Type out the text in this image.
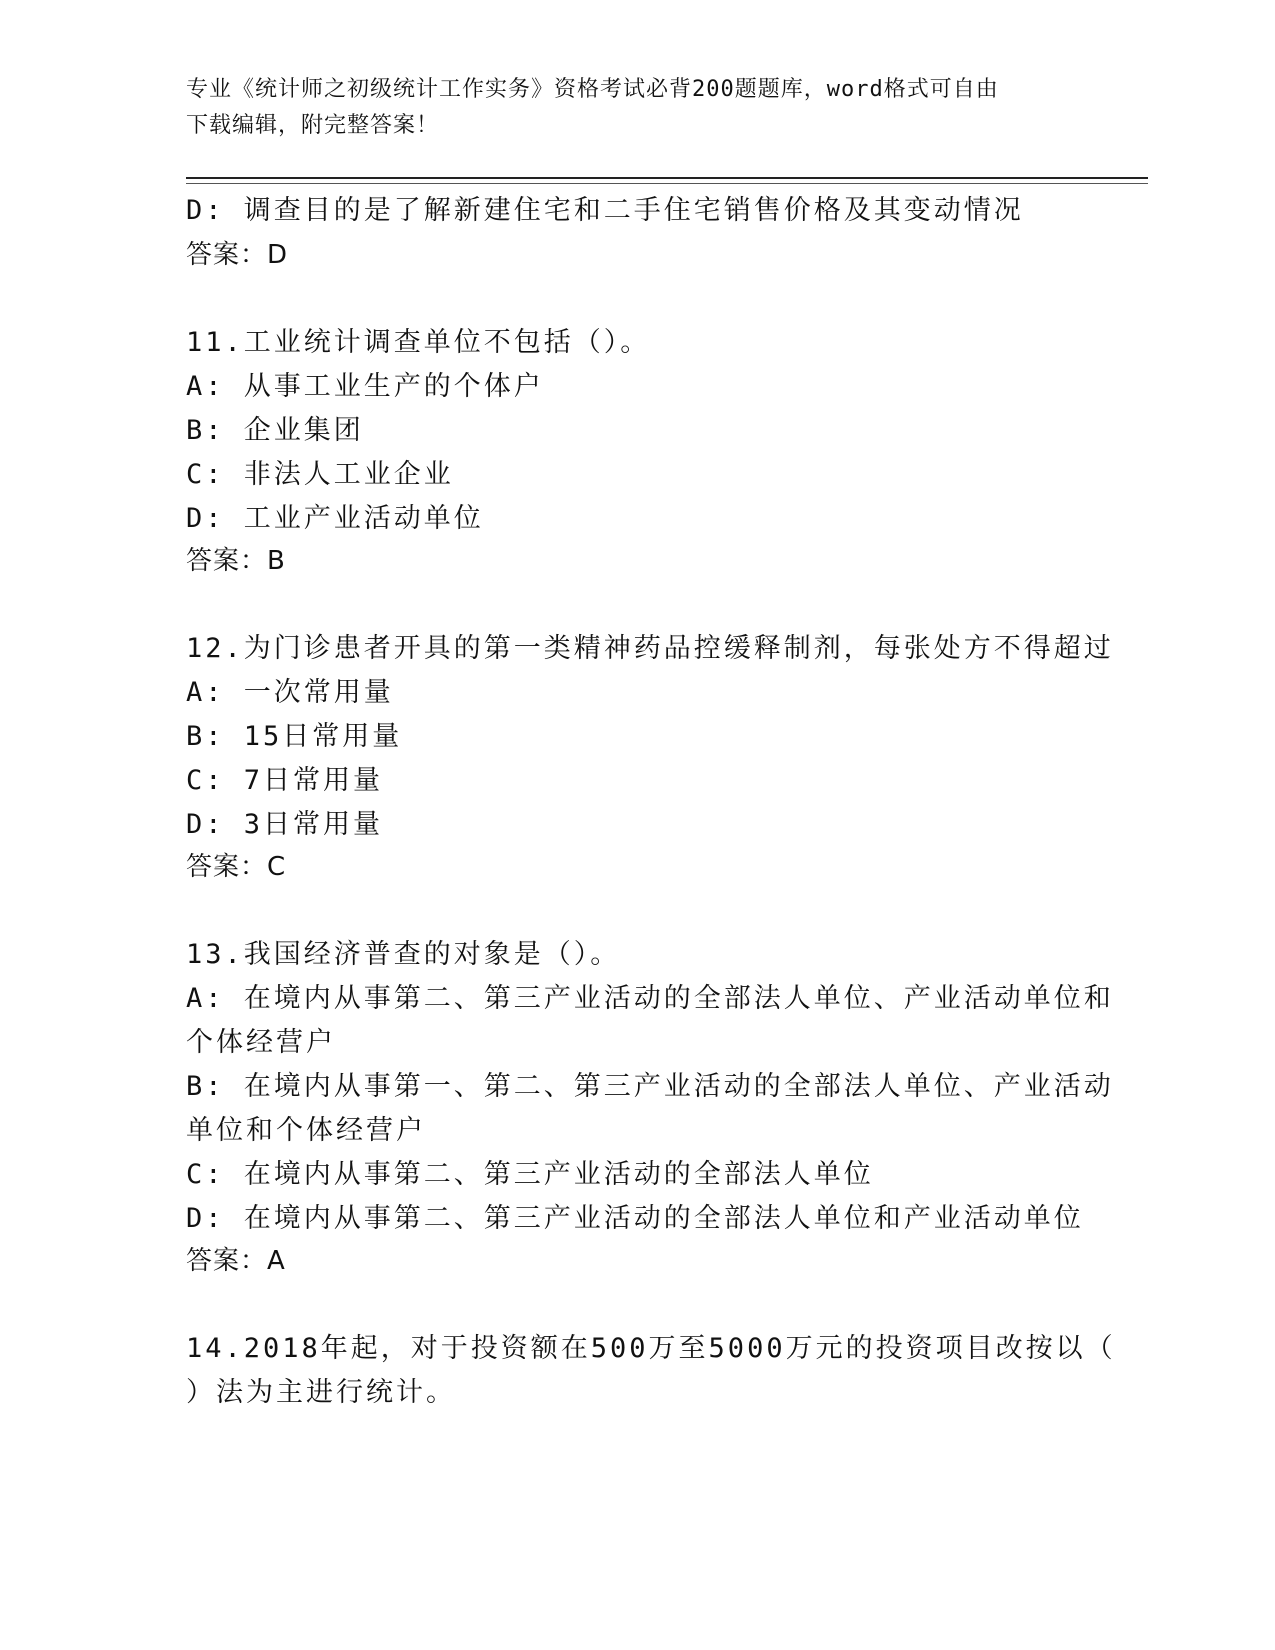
专业《统计师之初级统计工作实务》资格考试必背200题题库，word格式可自由
下载编辑，附完整答案！
D: 调查目的是了解新建住宅和二手住宅销售价格及其变动情况
答案：D
11.工业统计调查单位不包括（）。
A: 从事工业生产的个体户
B: 企业集团
C: 非法人工业企业
D: 工业产业活动单位
答案：B
12.为门诊患者开具的第一类精神药品控缓释制剂，每张处方不得超过
A: 一次常用量
B: 15日常用量
C: 7日常用量
D: 3日常用量
答案：C
13.我国经济普查的对象是（）。
A: 在境内从事第二、第三产业活动的全部法人单位、产业活动单位和
个体经营户
B: 在境内从事第一、第二、第三产业活动的全部法人单位、产业活动
单位和个体经营户
C: 在境内从事第二、第三产业活动的全部法人单位
D: 在境内从事第二、第三产业活动的全部法人单位和产业活动单位
答案：A
14.2018年起，对于投资额在500万至5000万元的投资项目改按以（
）法为主进行统计。
